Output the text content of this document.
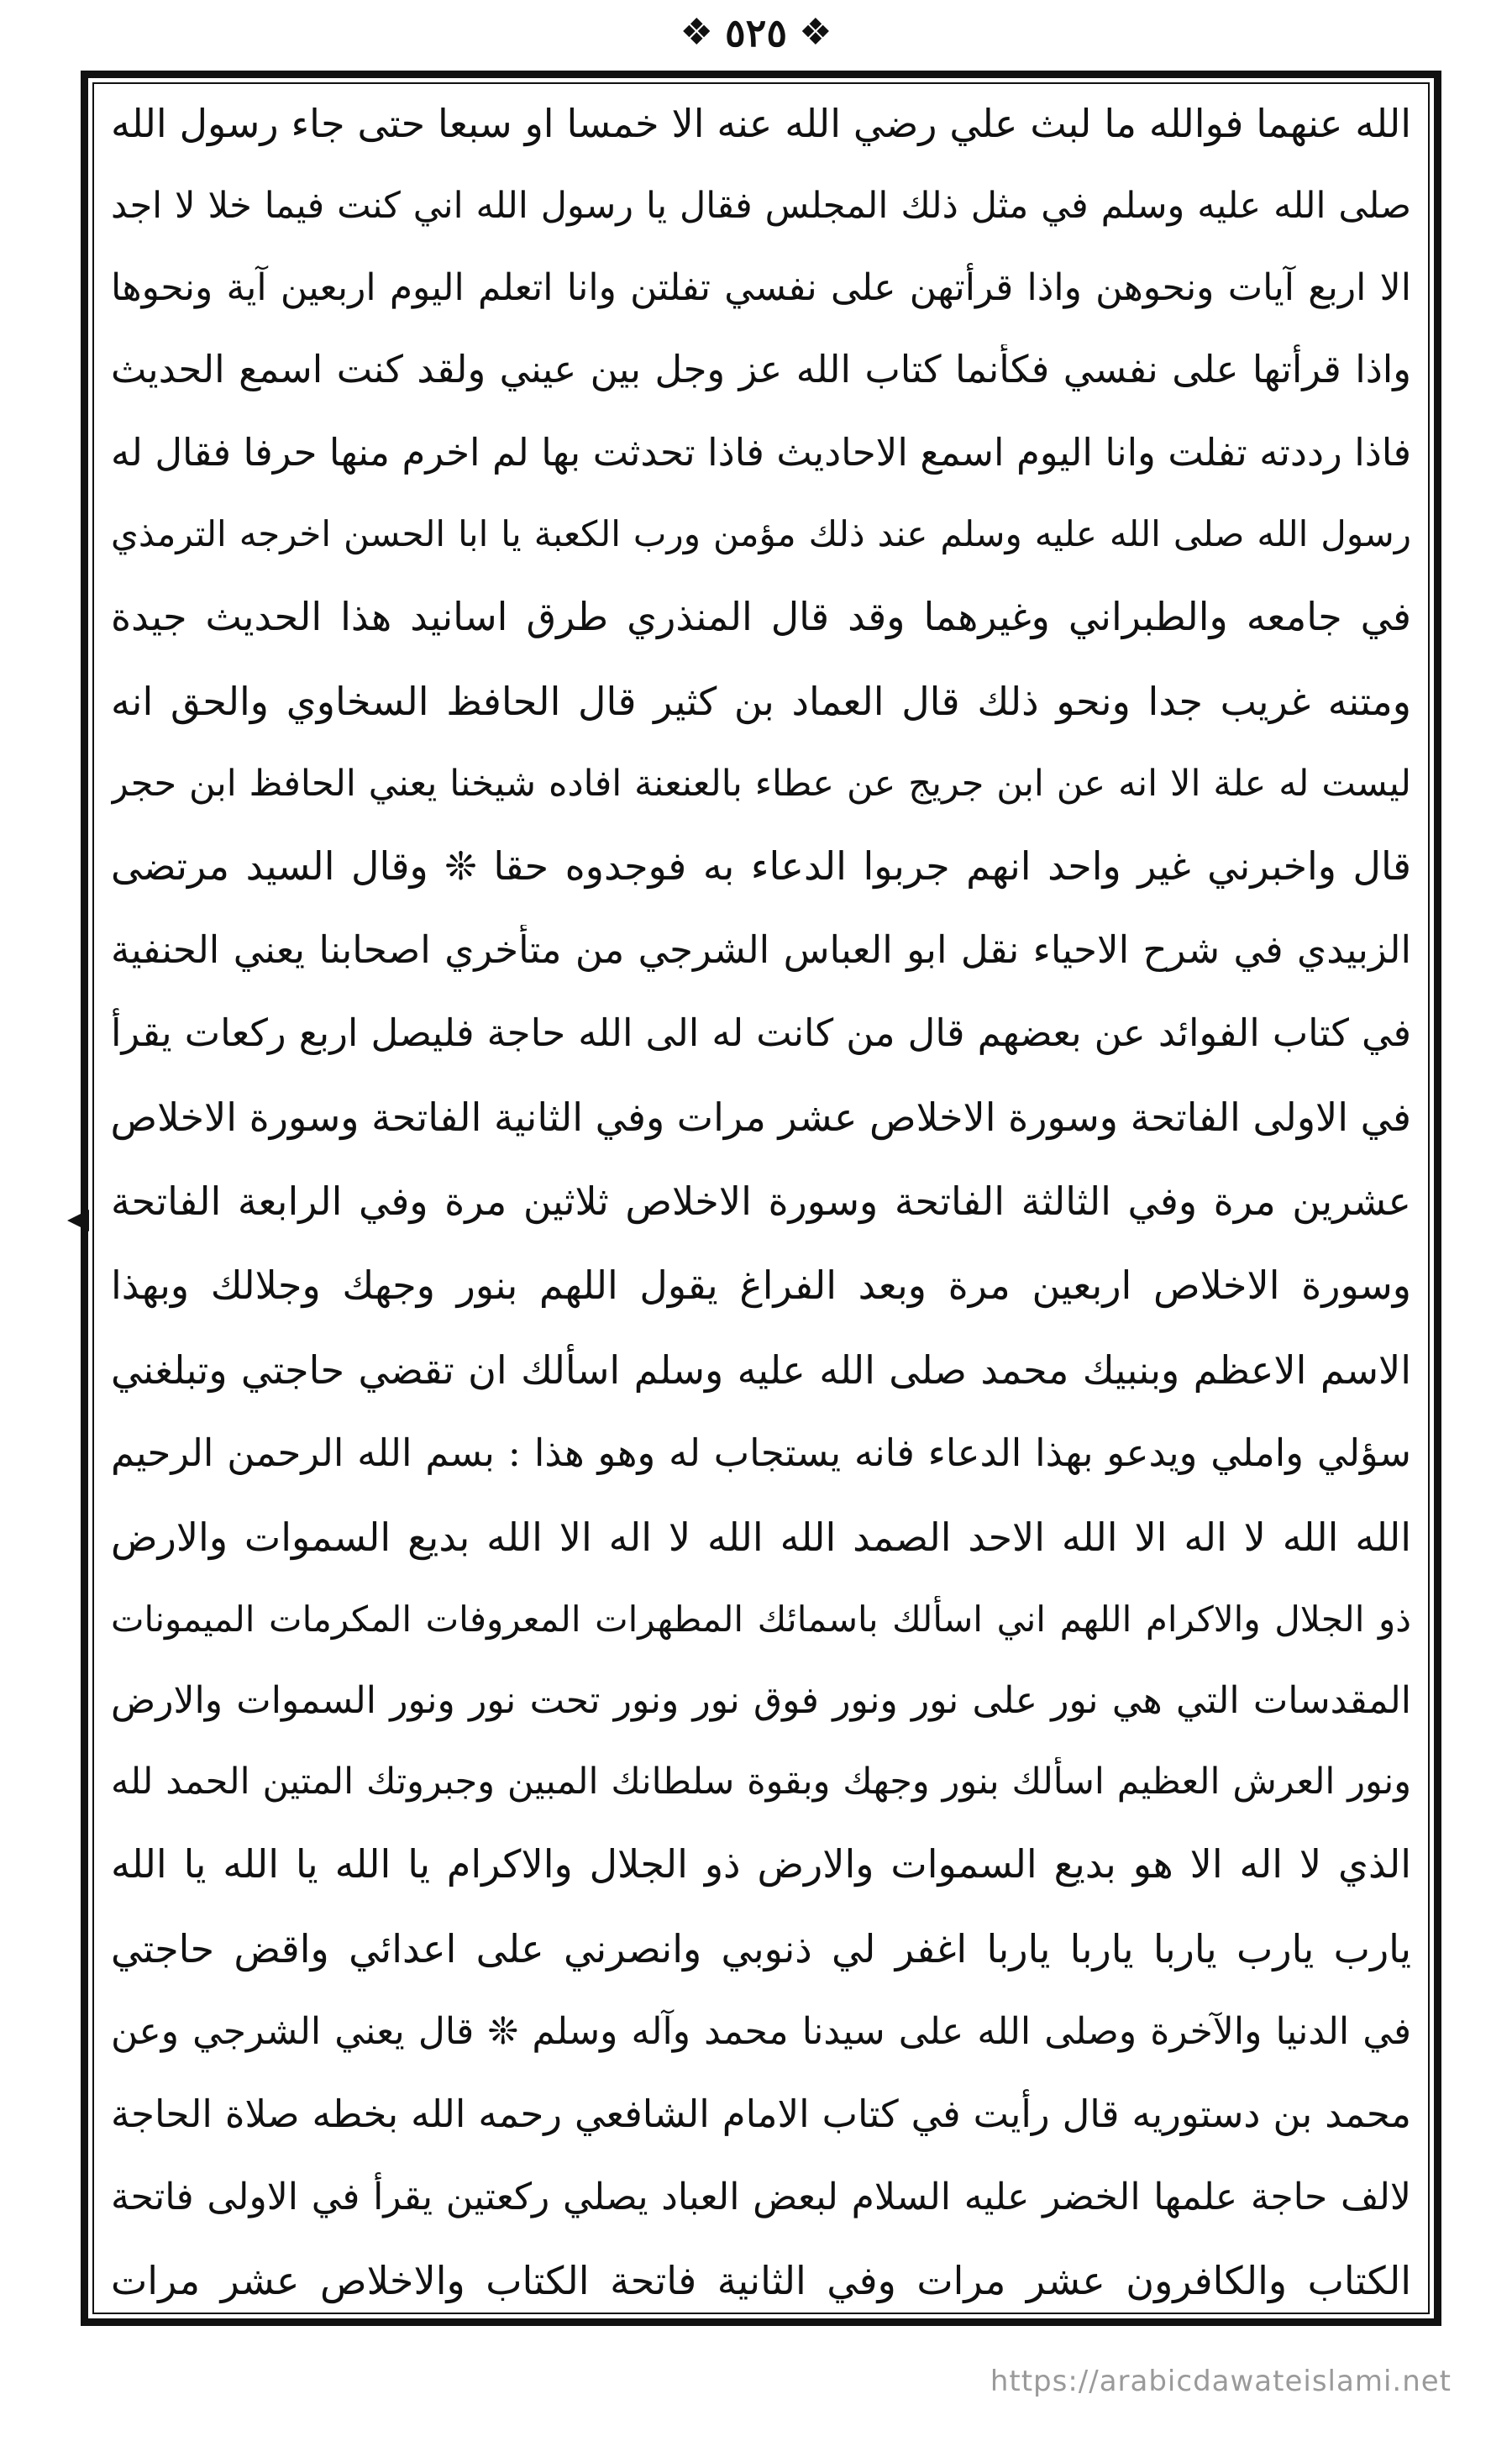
❖ ٥٢٥ ❖
الله عنهما فوالله ما لبث علي رضي الله عنه الا خمسا او سبعا حتى جاء رسول الله
صلى الله عليه وسلم في مثل ذلك المجلس فقال يا رسول الله اني كنت فيما خلا لا اجد
الا اربع آيات ونحوهن واذا قرأتهن على نفسي تفلتن وانا اتعلم اليوم اربعين آية ونحوها
واذا قرأتها على نفسي فكأنما كتاب الله عز وجل بين عيني ولقد كنت اسمع الحديث
فاذا رددته تفلت وانا اليوم اسمع الاحاديث فاذا تحدثت بها لم اخرم منها حرفا فقال له
رسول الله صلى الله عليه وسلم عند ذلك مؤمن ورب الكعبة يا ابا الحسن اخرجه الترمذي
في جامعه والطبراني وغيرهما وقد قال المنذري طرق اسانيد هذا الحديث جيدة
ومتنه غريب جدا ونحو ذلك قال العماد بن كثير قال الحافظ السخاوي والحق انه
ليست له علة الا انه عن ابن جريج عن عطاء بالعنعنة افاده شيخنا يعني الحافظ ابن حجر
قال واخبرني غير واحد انهم جربوا الدعاء به فوجدوه حقا ❊ وقال السيد مرتضى
الزبيدي في شرح الاحياء نقل ابو العباس الشرجي من متأخري اصحابنا يعني الحنفية
في كتاب الفوائد عن بعضهم قال من كانت له الى الله حاجة فليصل اربع ركعات يقرأ
في الاولى الفاتحة وسورة الاخلاص عشر مرات وفي الثانية الفاتحة وسورة الاخلاص
عشرين مرة وفي الثالثة الفاتحة وسورة الاخلاص ثلاثين مرة وفي الرابعة الفاتحة
وسورة الاخلاص اربعين مرة وبعد الفراغ يقول اللهم بنور وجهك وجلالك وبهذا
الاسم الاعظم وبنبيك محمد صلى الله عليه وسلم اسألك ان تقضي حاجتي وتبلغني
سؤلي واملي ويدعو بهذا الدعاء فانه يستجاب له وهو هذا : بسم الله الرحمن الرحيم
الله الله لا اله الا الله الاحد الصمد الله الله لا اله الا الله بديع السموات والارض
ذو الجلال والاكرام اللهم اني اسألك باسمائك المطهرات المعروفات المكرمات الميمونات
المقدسات التي هي نور على نور ونور فوق نور ونور تحت نور ونور السموات والارض
ونور العرش العظيم اسألك بنور وجهك وبقوة سلطانك المبين وجبروتك المتين الحمد لله
الذي لا اله الا هو بديع السموات والارض ذو الجلال والاكرام يا الله يا الله يا الله
يارب يارب ياربا ياربا ياربا اغفر لي ذنوبي وانصرني على اعدائي واقض حاجتي
في الدنيا والآخرة وصلى الله على سيدنا محمد وآله وسلم ❊ قال يعني الشرجي وعن
محمد بن دستوريه قال رأيت في كتاب الامام الشافعي رحمه الله بخطه صلاة الحاجة
لالف حاجة علمها الخضر عليه السلام لبعض العباد يصلي ركعتين يقرأ في الاولى فاتحة
الكتاب والكافرون عشر مرات وفي الثانية فاتحة الكتاب والاخلاص عشر مرات
https://arabicdawateislami.net
